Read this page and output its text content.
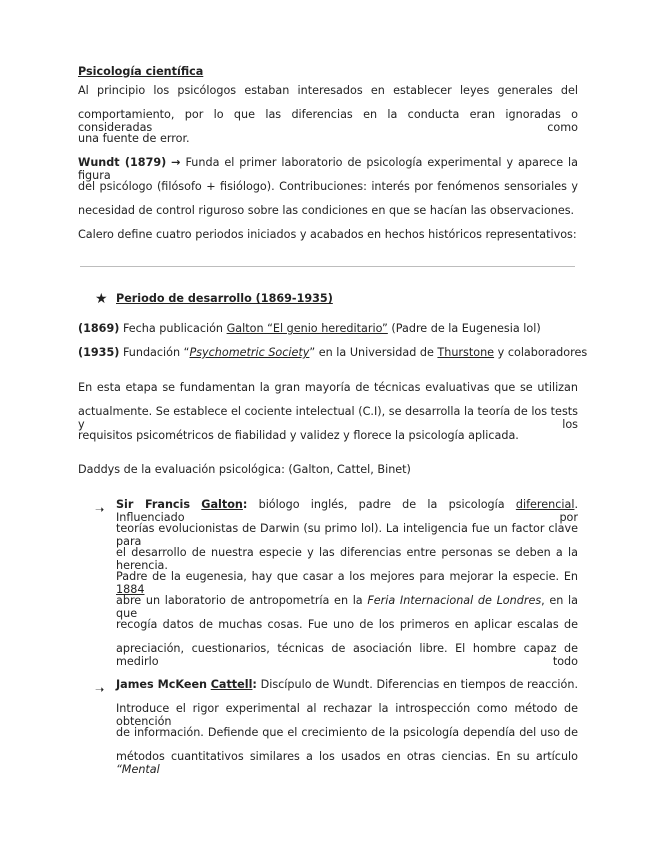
Psicología científica
Al principio los psicólogos estaban interesados en establecer leyes generales del
comportamiento, por lo que las diferencias en la conducta eran ignoradas o consideradas como
una fuente de error.
Wundt (1879) → Funda el primer laboratorio de psicología experimental y aparece la figura
del psicólogo (filósofo + fisiólogo). Contribuciones: interés por fenómenos sensoriales y
necesidad de control riguroso sobre las condiciones en que se hacían las observaciones.
Calero define cuatro periodos iniciados y acabados en hechos históricos representativos:
★ Periodo de desarrollo (1869-1935)
(1869) Fecha publicación Galton “El genio hereditario” (Padre de la Eugenesia lol)
(1935) Fundación “Psychometric Society” en la Universidad de Thurstone y colaboradores
En esta etapa se fundamentan la gran mayoría de técnicas evaluativas que se utilizan
actualmente. Se establece el cociente intelectual (C.I), se desarrolla la teoría de los tests y los
requisitos psicométricos de fiabilidad y validez y florece la psicología aplicada.
Daddys de la evaluación psicológica: (Galton, Cattel, Binet)
➝ Sir Francis Galton: biólogo inglés, padre de la psicología diferencial. Influenciado por
teorías evolucionistas de Darwin (su primo lol). La inteligencia fue un factor clave para
el desarrollo de nuestra especie y las diferencias entre personas se deben a la herencia.
Padre de la eugenesia, hay que casar a los mejores para mejorar la especie. En 1884
abre un laboratorio de antropometría en la Feria Internacional de Londres, en la que
recogía datos de muchas cosas. Fue uno de los primeros en aplicar escalas de
apreciación, cuestionarios, técnicas de asociación libre. El hombre capaz de medirlo todo
➝ James McKeen Cattell: Discípulo de Wundt. Diferencias en tiempos de reacción.
Introduce el rigor experimental al rechazar la introspección como método de obtención
de información. Defiende que el crecimiento de la psicología dependía del uso de
métodos cuantitativos similares a los usados en otras ciencias. En su artículo “Mental
